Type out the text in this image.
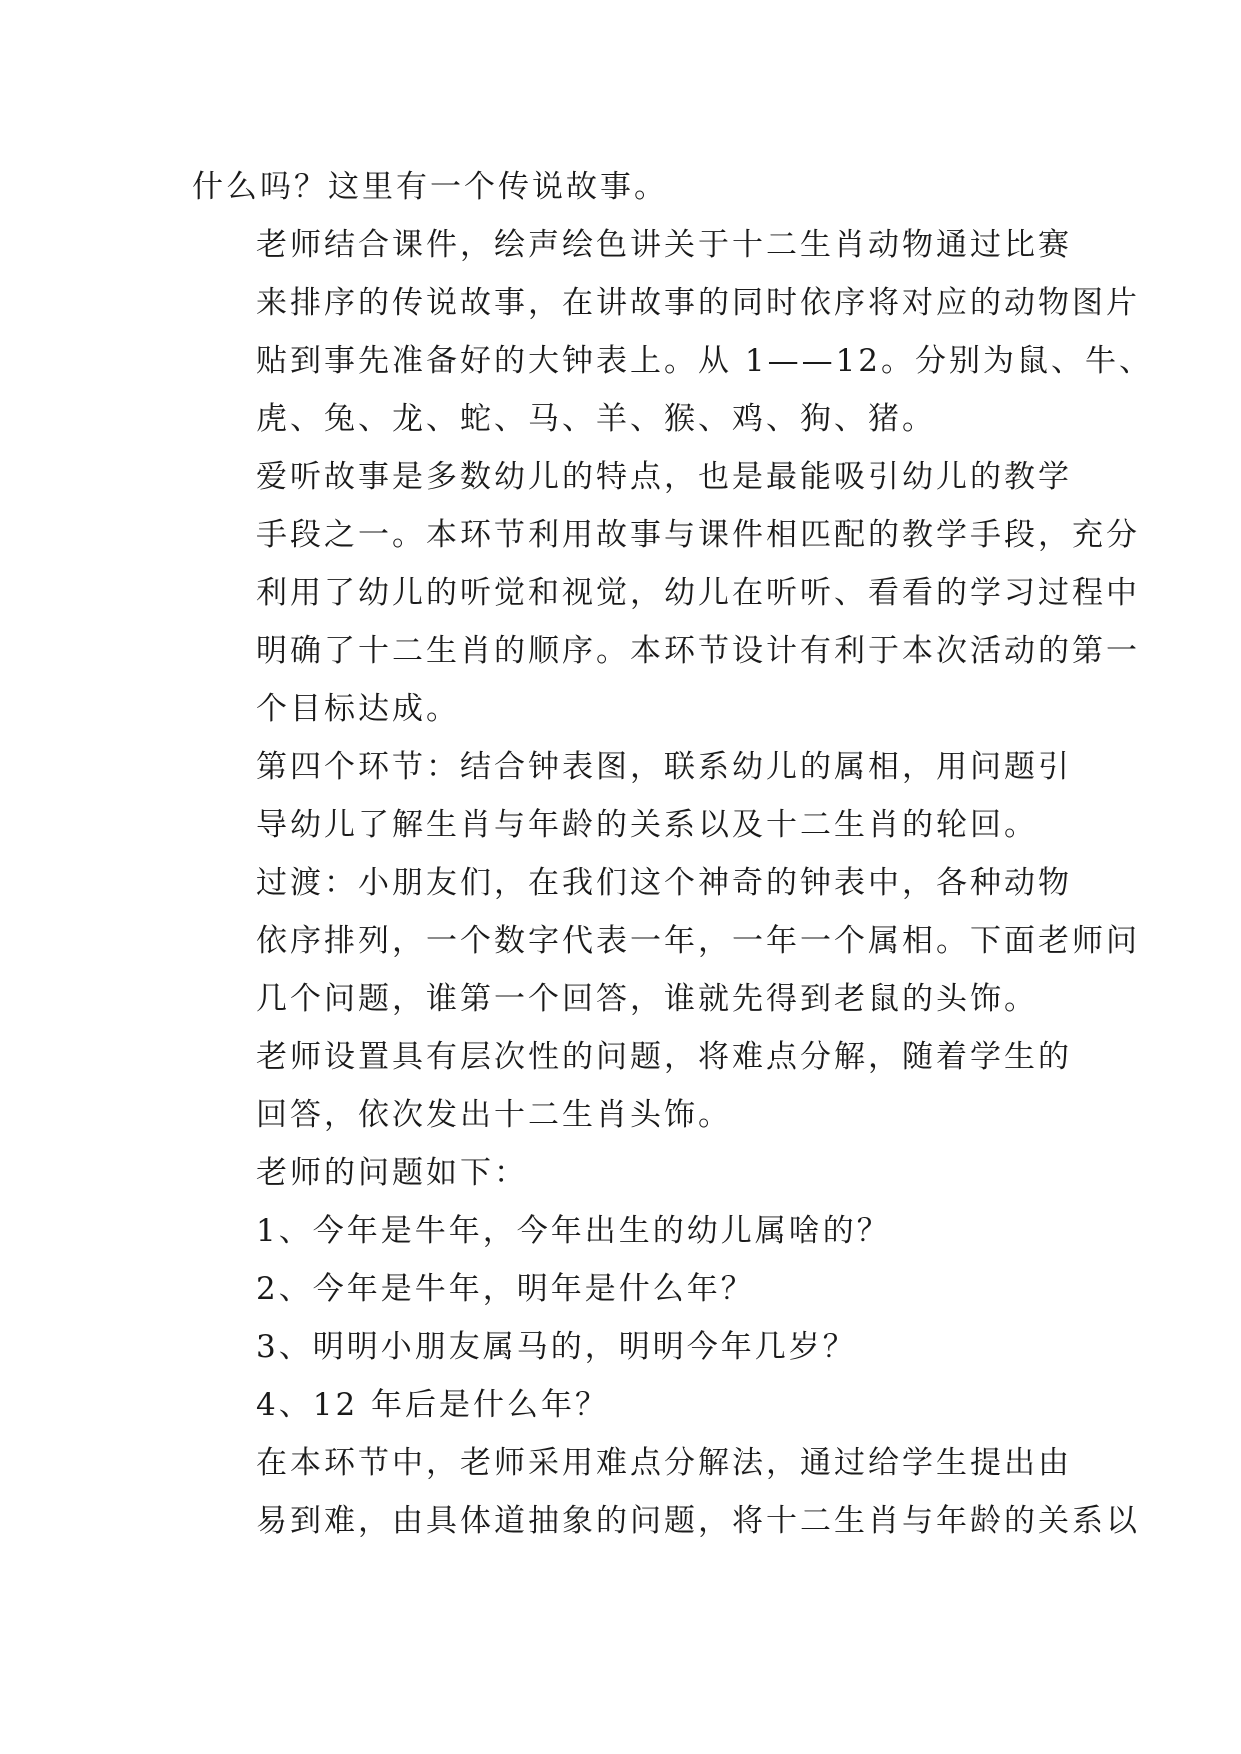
什么吗？这里有一个传说故事。

老师结合课件，绘声绘色讲关于十二生肖动物通过比赛
来排序的传说故事，在讲故事的同时依序将对应的动物图片
贴到事先准备好的大钟表上。从 1——12。分别为鼠、牛、
虎、兔、龙、蛇、马、羊、猴、鸡、狗、猪。

爱听故事是多数幼儿的特点，也是最能吸引幼儿的教学
手段之一。本环节利用故事与课件相匹配的教学手段，充分
利用了幼儿的听觉和视觉，幼儿在听听、看看的学习过程中
明确了十二生肖的顺序。本环节设计有利于本次活动的第一
个目标达成。

第四个环节：结合钟表图，联系幼儿的属相，用问题引
导幼儿了解生肖与年龄的关系以及十二生肖的轮回。

过渡：小朋友们，在我们这个神奇的钟表中，各种动物
依序排列，一个数字代表一年，一年一个属相。下面老师问
几个问题，谁第一个回答，谁就先得到老鼠的头饰。

老师设置具有层次性的问题，将难点分解，随着学生的
回答，依次发出十二生肖头饰。

老师的问题如下：

1、今年是牛年，今年出生的幼儿属啥的？

2、今年是牛年，明年是什么年？

3、明明小朋友属马的，明明今年几岁？

4、12 年后是什么年？

在本环节中，老师采用难点分解法，通过给学生提出由
易到难，由具体道抽象的问题，将十二生肖与年龄的关系以
